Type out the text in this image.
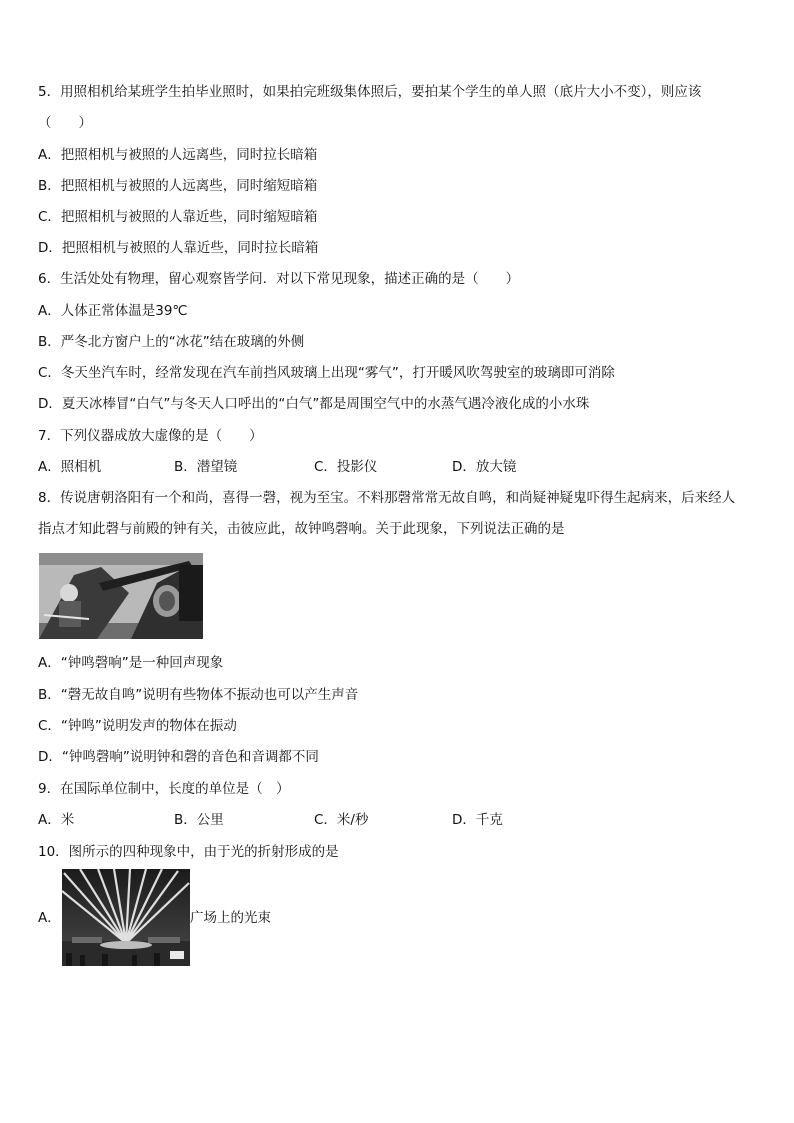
5．用照相机给某班学生拍毕业照时，如果拍完班级集体照后，要拍某个学生的单人照（底片大小不变），则应该
（　　）
A．把照相机与被照的人远离些，同时拉长暗箱
B．把照相机与被照的人远离些，同时缩短暗箱
C．把照相机与被照的人靠近些，同时缩短暗箱
D．把照相机与被照的人靠近些，同时拉长暗箱
6．生活处处有物理，留心观察皆学问．对以下常见现象，描述正确的是（　　）
A．人体正常体温是39℃
B．严冬北方窗户上的“冰花”结在玻璃的外侧
C．冬天坐汽车时，经常发现在汽车前挡风玻璃上出现“雾气”，打开暖风吹驾驶室的玻璃即可消除
D．夏天冰棒冒“白气”与冬天人口呼出的“白气”都是周围空气中的水蒸气遇冷液化成的小水珠
7．下列仪器成放大虚像的是（　　）
A．照相机	B．潜望镜	C．投影仪	D．放大镜
8．传说唐朝洛阳有一个和尚，喜得一磬，视为至宝。不料那磬常常无故自鸣，和尚疑神疑鬼吓得生起病来，后来经人
指点才知此磬与前殿的钟有关，击彼应此，故钟鸣磬响。关于此现象，下列说法正确的是
A．“钟鸣磬响”是一种回声现象
B．“磬无故自鸣”说明有些物体不振动也可以产生声音
C．“钟鸣”说明发声的物体在振动
D．“钟鸣磬响”说明钟和磬的音色和音调都不同
9．在国际单位制中，长度的单位是（　）
A．米	B．公里	C．米/秒	D．千克
10．图所示的四种现象中，由于光的折射形成的是
A．	广场上的光束
